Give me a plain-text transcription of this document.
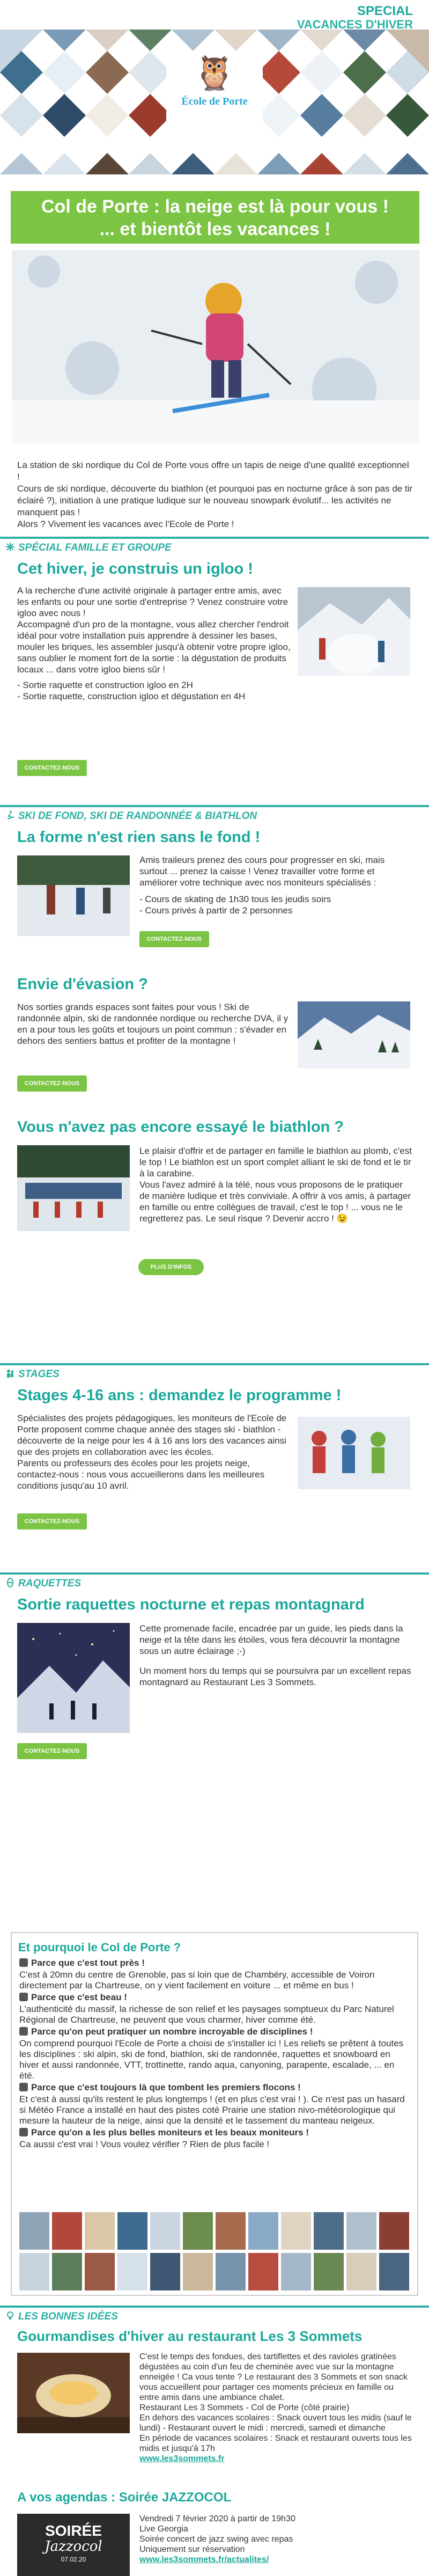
🦉
École de Porte
SPECIAL
VACANCES D'HIVER
Col de Porte : la neige est là pour vous !
... et bientôt les vacances !

La station de ski nordique du Col de Porte vous offre un tapis de neige d'une qualité exceptionnel !

Cours de ski nordique, découverte du biathlon (et pourquoi pas en nocturne grâce à son pas de tir éclairé ?), initiation à une pratique ludique sur le nouveau snowpark évolutif... les activités ne manquent pas !

Alors ? Vivement les vacances avec l'Ecole de Porte !

SPÉCIAL FAMILLE ET GROUPE
Cet hiver, je construis un igloo !

A la recherche d'une activité originale à partager entre amis, avec les enfants ou pour une sortie d'entreprise ? Venez construire votre igloo avec nous !

Accompagné d'un pro de la montagne, vous allez chercher l'endroit idéal pour votre installation puis apprendre à dessiner les bases, mouler les briques, les assembler jusqu'à obtenir votre propre igloo, sans oublier le moment fort de la sortie : la dégustation de produits locaux ... dans votre igloo biens sûr !

- Sortie raquette et construction igloo en 2H

- Sortie raquette, construction igloo et dégustation en 4H

CONTACTEZ-NOUS
SKI DE FOND, SKI DE RANDONNÉE & BIATHLON
La forme n'est rien sans le fond !

Amis traileurs prenez des cours pour progresser en ski, mais surtout ... prenez la caisse ! Venez travailler votre forme et améliorer votre technique avec nos moniteurs spécialisés :

- Cours de skating de 1h30 tous les jeudis soirs

- Cours privés à partir de 2 personnes

CONTACTEZ-NOUS
Envie d'évasion ?

Nos sorties grands espaces sont faites pour vous ! Ski de randonnée alpin, ski de randonnée nordique ou recherche DVA, il y en a pour tous les goûts et toujours un point commun : s'évader en dehors des sentiers battus et profiter de la montagne !

CONTACTEZ-NOUS
Vous n'avez pas encore essayé le biathlon ?

Le plaisir d'offrir et de partager en famille le biathlon au plomb, c'est le top ! Le biathlon est un sport complet alliant le ski de fond et le tir à la carabine.

Vous l'avez admiré à la télé, nous vous proposons de le pratiquer de manière ludique et très conviviale. A offrir à vos amis, à partager en famille ou entre collègues de travail, c'est le top ! ... vous ne le regretterez pas. Le seul risque ? Devenir accro ! 😉

PLUS D'INFOS
STAGES
Stages 4-16 ans : demandez le programme !

Spécialistes des projets pédagogiques, les moniteurs de l'Ecole de Porte proposent comme chaque année des stages ski - biathlon - découverte de la neige pour les 4 à 16 ans lors des vacances ainsi que des projets en collaboration avec les écoles.

Parents ou professeurs des écoles pour les projets neige, contactez-nous : nous vous accueillerons dans les meilleures conditions jusqu'au 10 avril.

CONTACTEZ-NOUS
RAQUETTES
Sortie raquettes nocturne et repas montagnard

Cette promenade facile, encadrée par un guide, les pieds dans la neige et la tête dans les étoiles, vous fera découvrir la montagne sous un autre éclairage ;-)

Un moment hors du temps qui se poursuivra par un excellent repas montagnard au Restaurant Les 3 Sommets.

CONTACTEZ-NOUS
Et pourquoi le Col de Porte ?

Parce que c'est tout près !

C'est à 20mn du centre de Grenoble, pas si loin que de Chambéry, accessible de Voiron directement par la Chartreuse, on y vient facilement en voiture ... et même en bus !

Parce que c'est beau !

L'authenticité du massif, la richesse de son relief et les paysages somptueux du Parc Naturel Régional de Chartreuse, ne peuvent que vous charmer, hiver comme été.

Parce qu'on peut pratiquer un nombre incroyable de disciplines !

On comprend pourquoi l'Ecole de Porte a choisi de s'installer ici ! Les reliefs se prêtent à toutes les disciplines : ski alpin, ski de fond, biathlon, ski de randonnée, raquettes et snowboard en hiver et aussi randonnée, VTT, trottinette, rando aqua, canyoning, parapente, escalade, ... en été.

Parce que c'est toujours là que tombent les premiers flocons !

Et c'est à aussi qu'ils restent le plus longtemps ! (et en plus c'est vrai ! ). Ce n'est pas un hasard si Météo France a installé en haut des pistes coté Prairie une station nivo-météorologique qui mesure la hauteur de la neige, ainsi que la densité et le tassement du manteau neigeux.

Parce qu'on a les plus belles moniteurs et les beaux moniteurs !

Ca aussi c'est vrai ! Vous voulez vérifier ? Rien de plus facile !

LES BONNES IDÉES
Gourmandises d'hiver au restaurant Les 3 Sommets

C'est le temps des fondues, des tartiflettes et des ravioles gratinées dégustées au coin d'un feu de cheminée avec vue sur la montagne enneigée ! Ca vous tente ? Le restaurant des 3 Sommets et son snack vous accueillent pour partager ces moments précieux en famille ou entre amis dans une ambiance chalet.

Restaurant Les 3 Sommets - Col de Porte (côté prairie)

En dehors des vacances scolaires : Snack ouvert tous les midis (sauf le lundi) - Restaurant ouvert le midi : mercredi, samedi et dimanche

En période de vacances scolaires : Snack et restaurant ouverts tous les midis et jusqu'à 17h

www.les3sommets.fr

A vos agendas : Soirée JAZZOCOL
SOIRÉE
Jazzocol
07.02.20

Vendredi 7 février 2020 à partir de 19h30

Live Georgia

Soirée concert de jazz swing avec repas

Uniquement sur réservation

www.les3sommets.fr/actualites/
